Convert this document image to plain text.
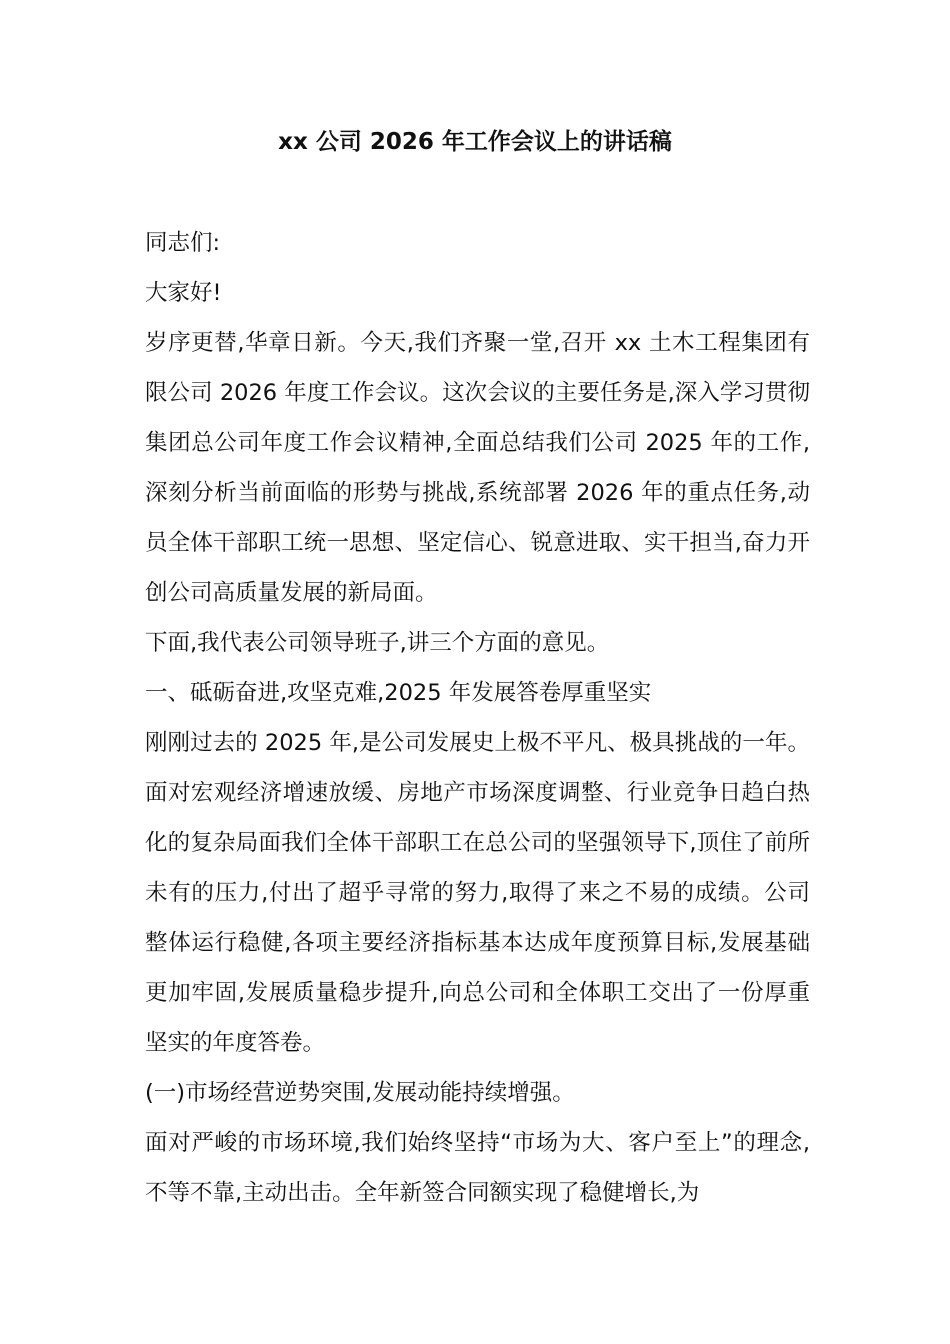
xx 公司 2026 年工作会议上的讲话稿

同志们:

大家好!

岁序更替,华章日新。今天,我们齐聚一堂,召开 xx 土木工程集团有限公司 2026 年度工作会议。这次会议的主要任务是,深入学习贯彻集团总公司年度工作会议精神,全面总结我们公司 2025 年的工作,深刻分析当前面临的形势与挑战,系统部署 2026 年的重点任务,动员全体干部职工统一思想、坚定信心、锐意进取、实干担当,奋力开创公司高质量发展的新局面。

下面,我代表公司领导班子,讲三个方面的意见。

一、砥砺奋进,攻坚克难,2025 年发展答卷厚重坚实

刚刚过去的 2025 年,是公司发展史上极不平凡、极具挑战的一年。面对宏观经济增速放缓、房地产市场深度调整、行业竞争日趋白热化的复杂局面我们全体干部职工在总公司的坚强领导下,顶住了前所未有的压力,付出了超乎寻常的努力,取得了来之不易的成绩。公司整体运行稳健,各项主要经济指标基本达成年度预算目标,发展基础更加牢固,发展质量稳步提升,向总公司和全体职工交出了一份厚重坚实的年度答卷。

(一)市场经营逆势突围,发展动能持续增强。

面对严峻的市场环境,我们始终坚持“市场为大、客户至上”的理念,不等不靠,主动出击。全年新签合同额实现了稳健增长,为
